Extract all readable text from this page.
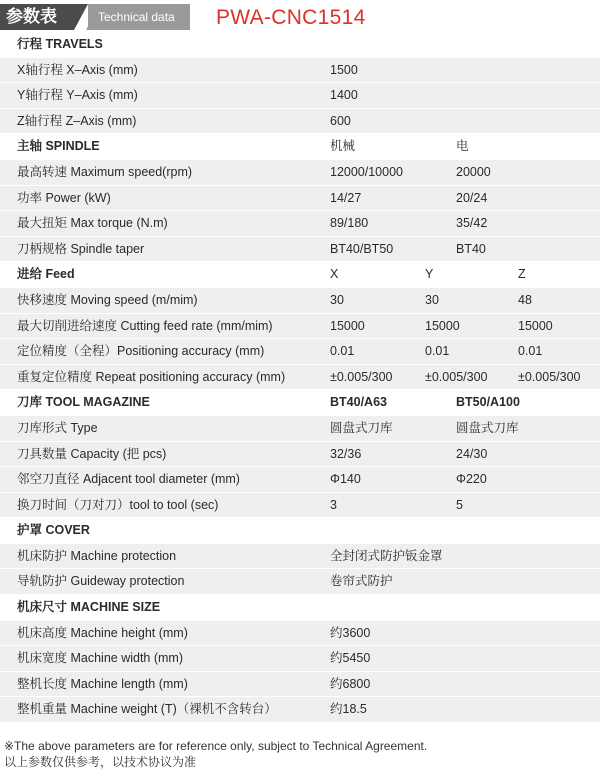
参数表	Technical data	PWA-CNC1514
行程 TRAVELS
X轴行程 X–Axis (mm)	1500
Y轴行程 Y–Axis (mm)	1400
Z轴行程 Z–Axis (mm)	600
主轴 SPINDLE	机械	电
最高转速 Maximum speed(rpm)	12000/10000	20000
功率 Power (kW)	14/27	20/24
最大扭矩 Max torque (N.m)	89/180	35/42
刀柄规格 Spindle taper	BT40/BT50	BT40
进给 Feed	X	Y	Z
快移速度 Moving speed (m/mim)	30	30	48
最大切削进给速度 Cutting feed rate (mm/mim)	15000	15000	15000
定位精度（全程）Positioning accuracy (mm)	0.01	0.01	0.01
重复定位精度 Repeat positioning accuracy (mm)	±0.005/300	±0.005/300 ±0.005/300
刀库 TOOL MAGAZINE	BT40/A63	BT50/A100
刀库形式 Type	圆盘式刀库	圆盘式刀库
刀具数量 Capacity (把 pcs)	32/36	24/30
邻空刀直径 Adjacent tool diameter (mm)	Φ140	Φ220
换刀时间（刀对刀）tool to tool (sec)	3	5
护罩 COVER
机床防护 Machine protection	全封闭式防护钣金罩
导轨防护 Guideway protection	卷帘式防护
机床尺寸 MACHINE SIZE
机床高度 Machine height (mm)	约3600
机床宽度 Machine width (mm)	约5450
整机长度 Machine length (mm)	约6800
整机重量 Machine weight (T)（裸机不含转台）	约18.5
※The above parameters are for reference only, subject to Technical Agreement.
以上参数仅供参考，以技术协议为准
